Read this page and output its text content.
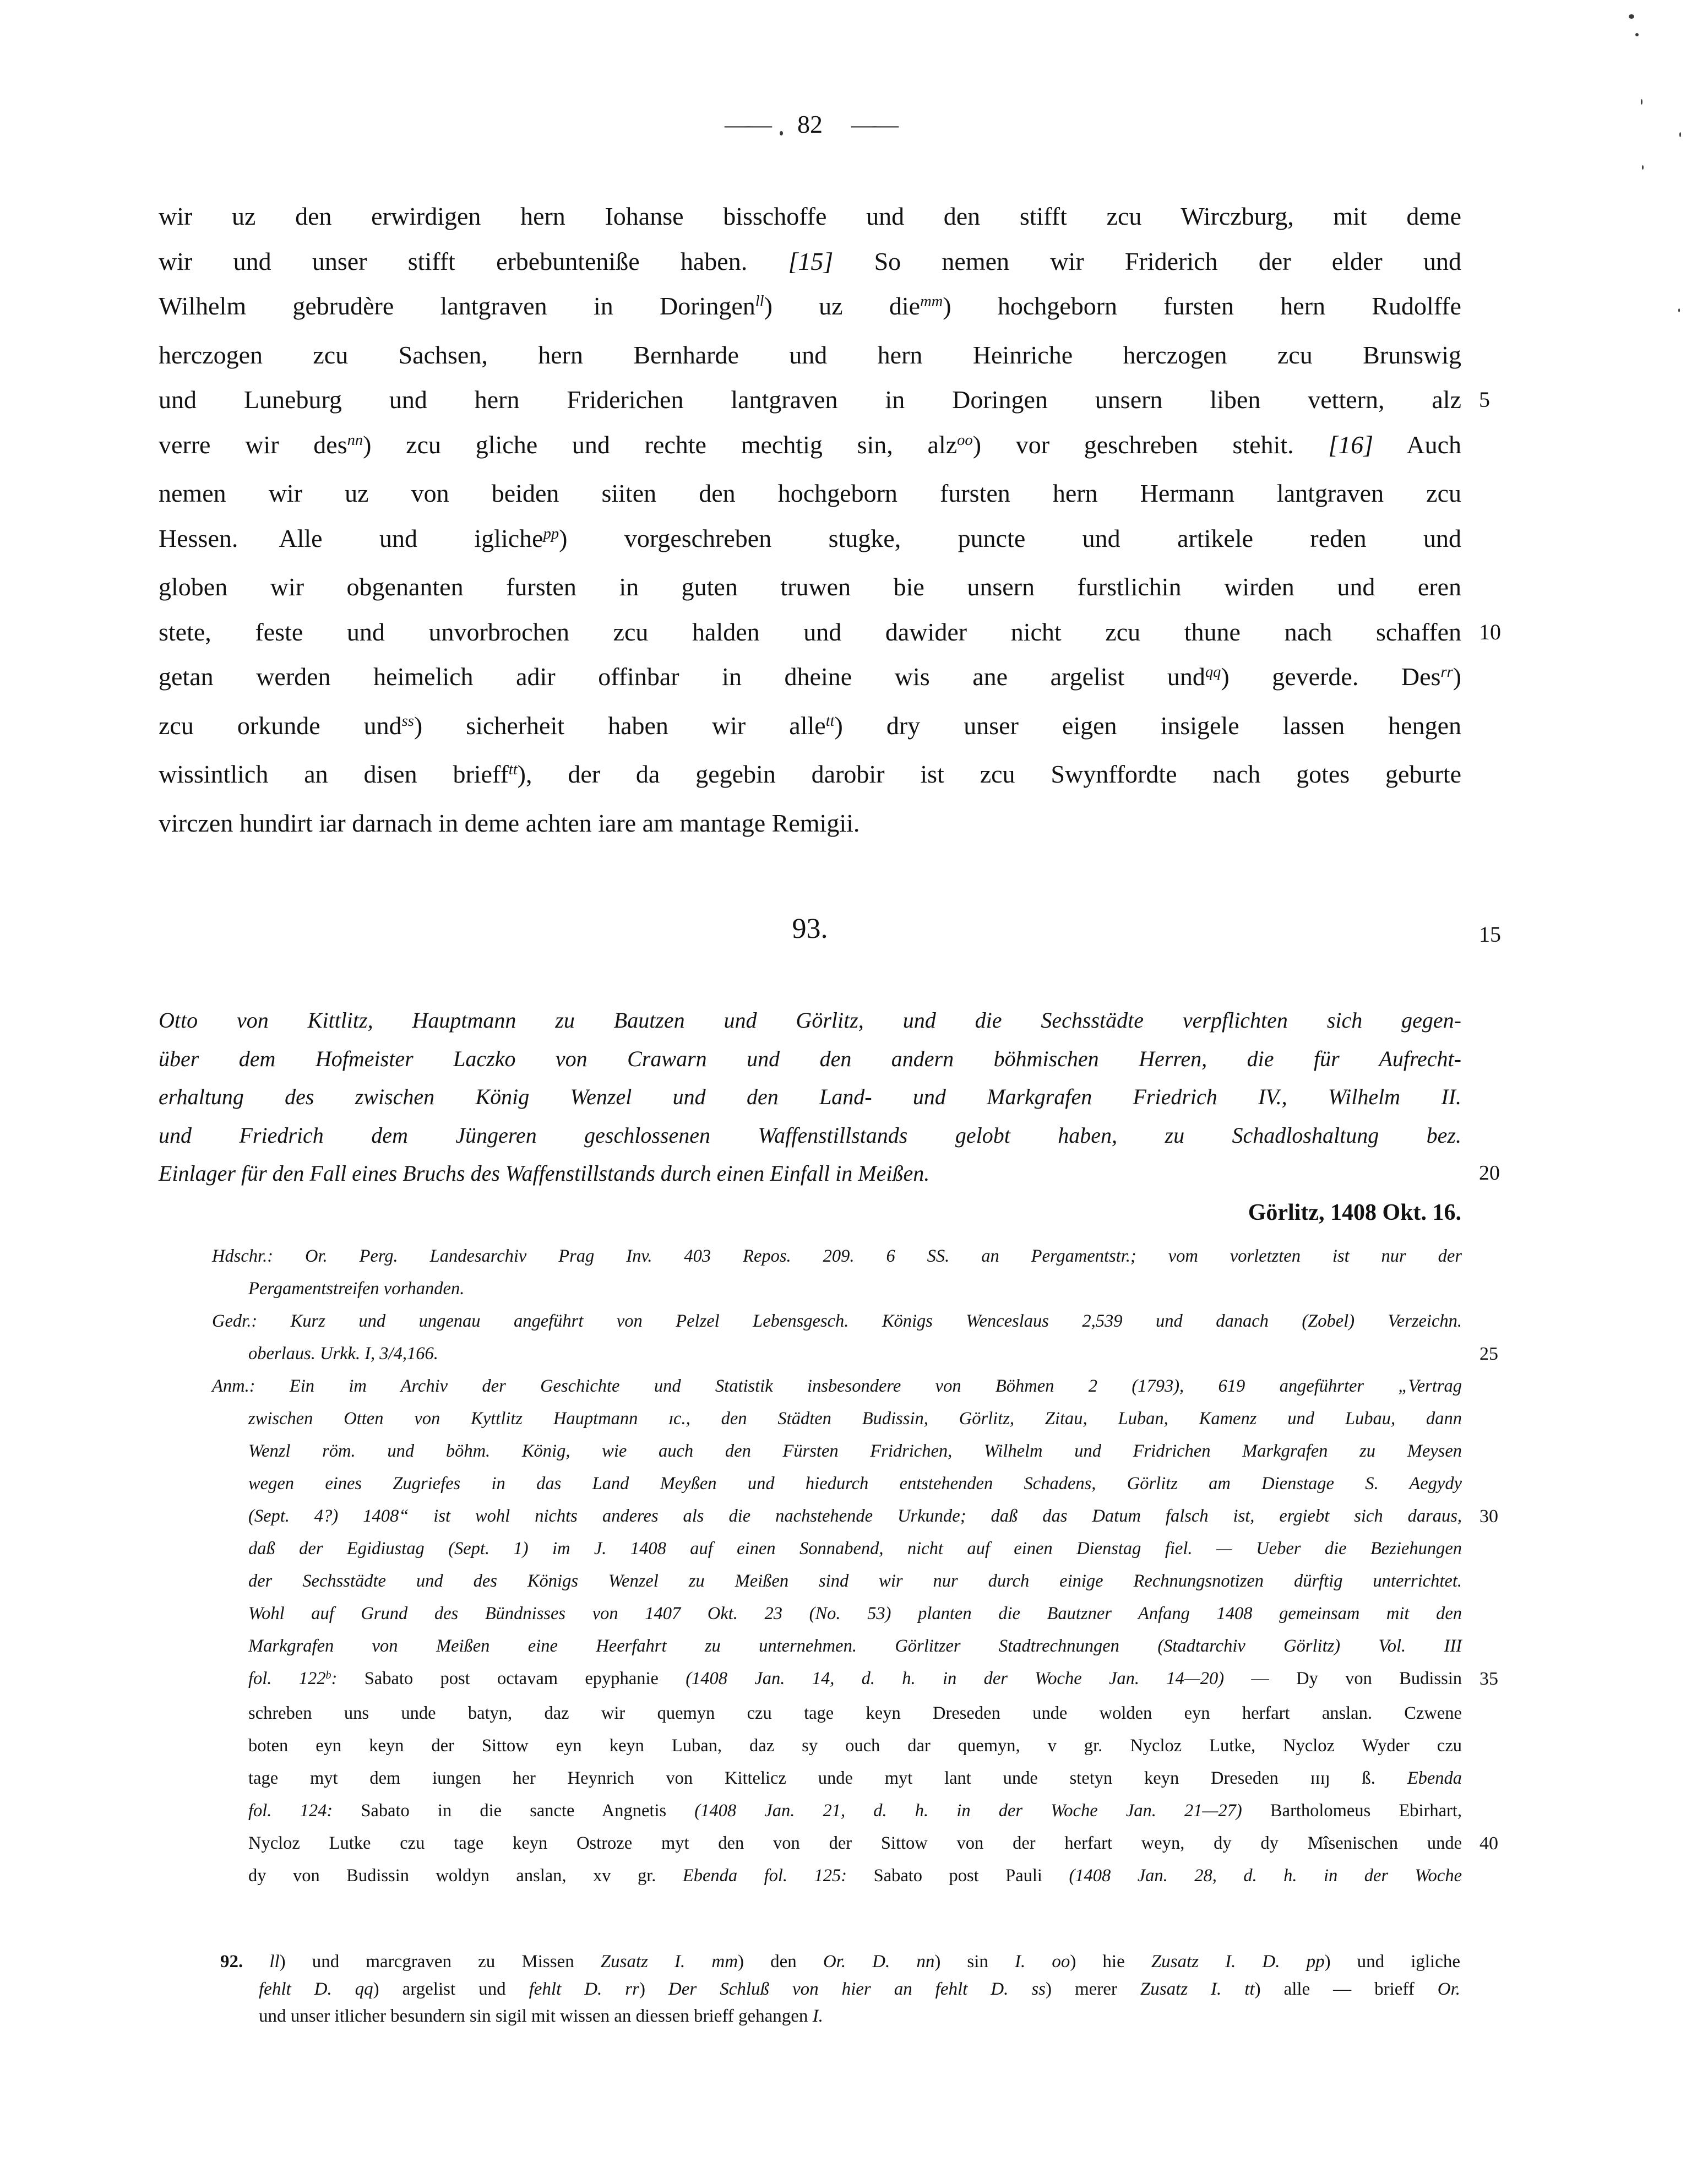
—— 82 ——
wir uz den erwirdigen hern Iohanse bisschoffe und den stifft zcu Wirczburg, mit deme
wir und unser stifft erbebunteniße haben. [15] So nemen wir Friderich der elder und
Wilhelm gebrudère lantgraven in Doringen$^{ll}$) uz die$^{mm}$) hochgeborn fursten hern Rudolffe
herczogen zcu Sachsen, hern Bernharde und hern Heinriche herczogen zcu Brunswig
und Luneburg und hern Friderichen lantgraven in Doringen unsern liben vettern, alz 5
verre wir des$^{nn}$) zcu gliche und rechte mechtig sin, alz$^{oo}$) vor geschreben stehit. [16] Auch
nemen wir uz von beiden siiten den hochgeborn fursten hern Hermann lantgraven zcu
Hessen. Alle und igliche$^{pp}$) vorgeschreben stugke, puncte und artikele reden und
globen wir obgenanten fursten in guten truwen bie unsern furstlichin wirden und eren
stete, feste und unvorbrochen zcu halden und dawider nicht zcu thune nach schaffen 10
getan werden heimelich adir offinbar in dheine wis ane argelist und$^{qq}$) geverde. Des$^{rr}$)
zcu orkunde und$^{ss}$) sicherheit haben wir alle$^{tt}$) dry unser eigen insigele lassen hengen
wissintlich an disen brieff$^{tt}$), der da gegebin darobir ist zcu Swynffordte nach gotes geburte
virczen hundirt iar darnach in deme achten iare am mantage Remigii.
93.	15
Otto von Kittlitz, Hauptmann zu Bautzen und Görlitz, und die Sechsstädte verpflichten sich gegen-
über dem Hofmeister Laczko von Crawarn und den andern böhmischen Herren, die für Aufrecht-
erhaltung des zwischen König Wenzel und den Land- und Markgrafen Friedrich IV., Wilhelm II.
und Friedrich dem Jüngeren geschlossenen Waffenstillstands gelobt haben, zu Schadloshaltung bez.
Einlager für den Fall eines Bruchs des Waffenstillstands durch einen Einfall in Meißen.	20
Görlitz, 1408 Okt. 16.
Hdschr.: Or. Perg. Landesarchiv Prag Inv. 403 Repos. 209. 6 SS. an Pergamentstr.; vom vorletzten ist nur der
Pergamentstreifen vorhanden.
Gedr.: Kurz und ungenau angeführt von Pelzel Lebensgesch. Königs Wenceslaus 2,539 und danach (Zobel) Verzeichn.
oberlaus. Urkk. I, 3/4,166.	25
Anm.: Ein im Archiv der Geschichte und Statistik insbesondere von Böhmen 2 (1793), 619 angeführter „Vertrag
zwischen Otten von Kyttlitz Hauptmann ɪc., den Städten Budissin, Görlitz, Zitau, Luban, Kamenz und Lubau, dann
Wenzl röm. und böhm. König, wie auch den Fürsten Fridrichen, Wilhelm und Fridrichen Markgrafen zu Meysen
wegen eines Zugriefes in das Land Meyßen und hiedurch entstehenden Schadens, Görlitz am Dienstage S. Aegydy
(Sept. 4?) 1408“ ist wohl nichts anderes als die nachstehende Urkunde; daß das Datum falsch ist, ergiebt sich daraus, 30
daß der Egidiustag (Sept. 1) im J. 1408 auf einen Sonnabend, nicht auf einen Dienstag fiel. — Ueber die Beziehungen
der Sechsstädte und des Königs Wenzel zu Meißen sind wir nur durch einige Rechnungsnotizen dürftig unterrichtet.
Wohl auf Grund des Bündnisses von 1407 Okt. 23 (No. 53) planten die Bautzner Anfang 1408 gemeinsam mit den
Markgrafen von Meißen eine Heerfahrt zu unternehmen. Görlitzer Stadtrechnungen (Stadtarchiv Görlitz) Vol. III
fol. 122$^b$: Sabato post octavam epyphanie (1408 Jan. 14, d. h. in der Woche Jan. 14—20) — Dy von Budissin 35
schreben uns unde batyn, daz wir quemyn czu tage keyn Dreseden unde wolden eyn herfart anslan. Czwene
boten eyn keyn der Sittow eyn keyn Luban, daz sy ouch dar quemyn, v gr. Nycloz Lutke, Nycloz Wyder czu
tage myt dem iungen her Heynrich von Kittelicz unde myt lant unde stetyn keyn Dreseden ɪɪɪȷ ß. Ebenda
fol. 124: Sabato in die sancte Angnetis (1408 Jan. 21, d. h. in der Woche Jan. 21—27) Bartholomeus Ebirhart,
Nycloz Lutke czu tage keyn Ostroze myt den von der Sittow von der herfart weyn, dy dy Mîsenischen unde 40
dy von Budissin woldyn anslan, xv gr. Ebenda fol. 125: Sabato post Pauli (1408 Jan. 28, d. h. in der Woche
92. ll) und marcgraven zu Missen Zusatz I. mm) den Or. D. nn) sin I. oo) hie Zusatz I. D. pp) und igliche
fehlt D. qq) argelist und fehlt D. rr) Der Schluß von hier an fehlt D. ss) merer Zusatz I. tt) alle — brieff Or.
und unser itlicher besundern sin sigil mit wissen an diessen brieff gehangen I.
